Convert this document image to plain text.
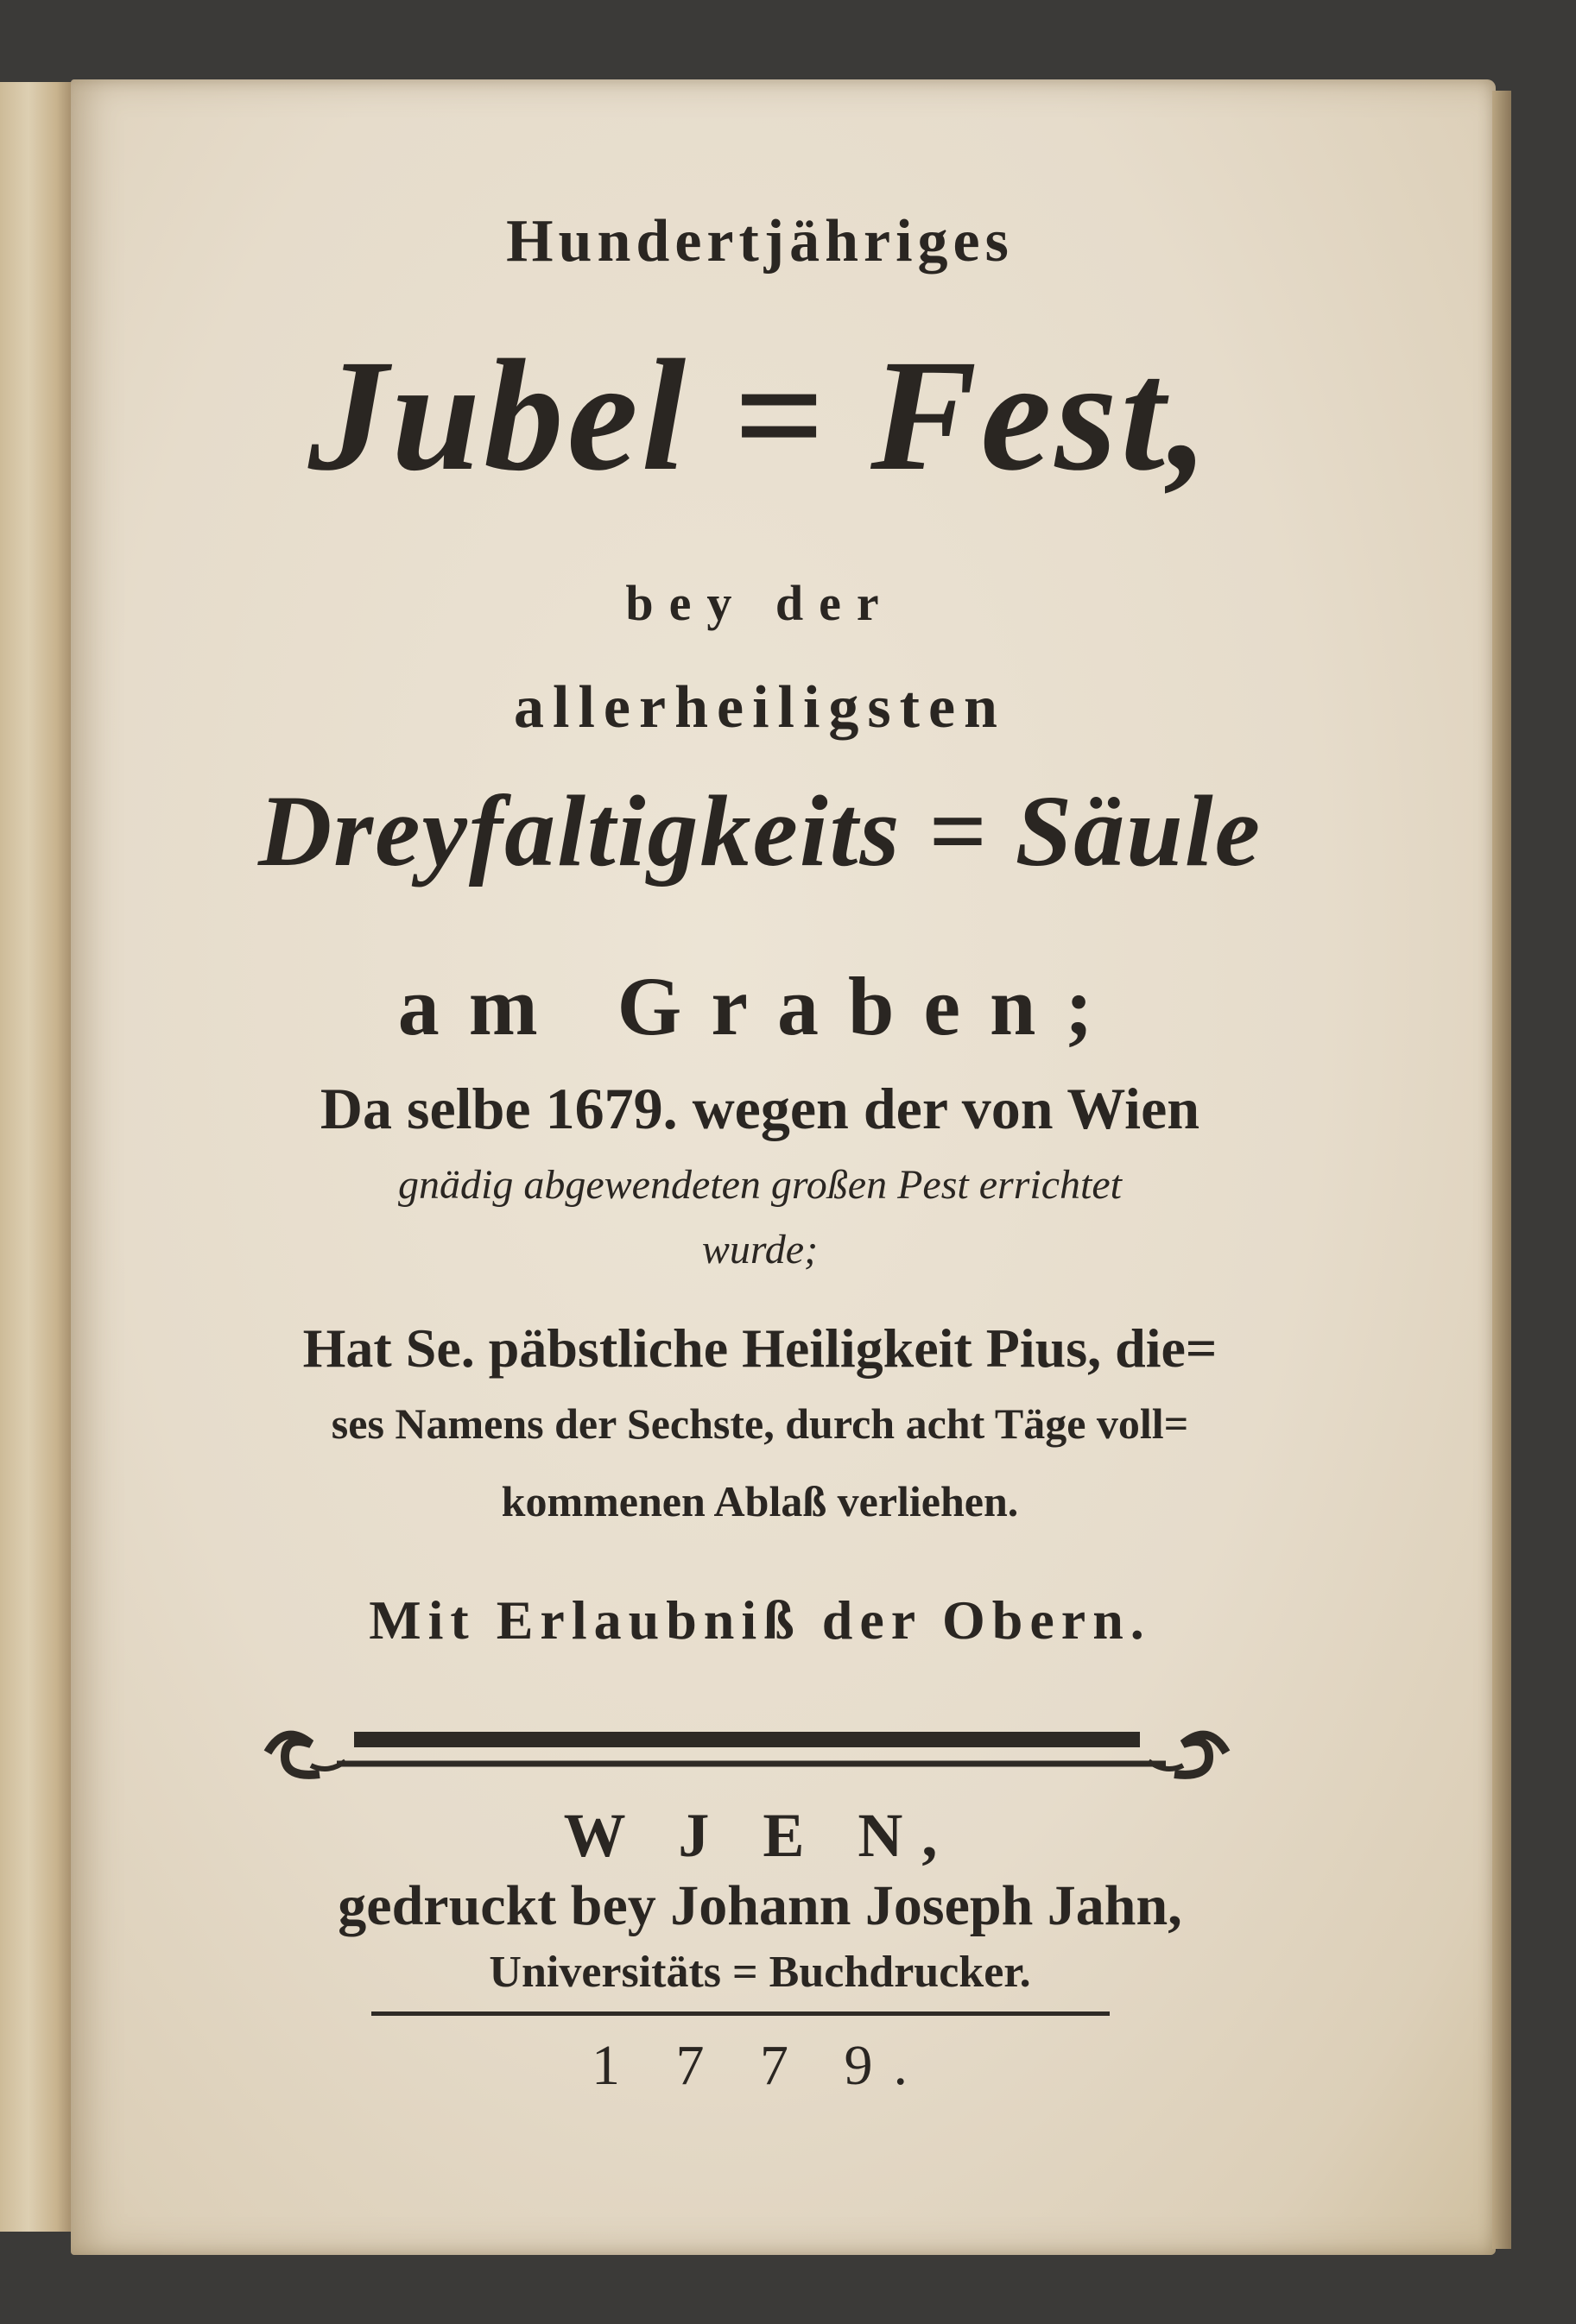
Hundertjähriges
Jubel = Fest,
bey der
allerheiligsten
Dreyfaltigkeits = Säule
am Graben;
Da selbe 1679. wegen der von Wien
gnädig abgewendeten großen Pest errichtet
wurde;
Hat Se. päbstliche Heiligkeit Pius, die=
ses Namens der Sechste, durch acht Täge voll=
kommenen Ablaß verliehen.
Mit Erlaubniß der Obern.
W J E N,
gedruckt bey Johann Joseph Jahn,
Universitäts = Buchdrucker.
1 7 7 9.
